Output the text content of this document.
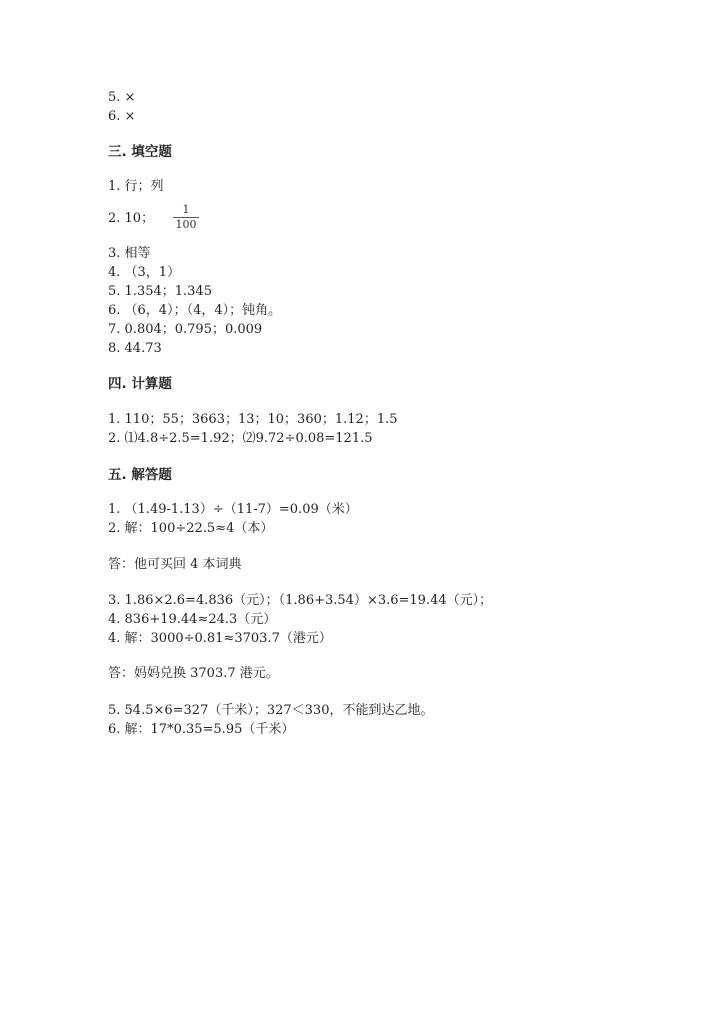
5. ×
6. ×
三. 填空题
1. 行；列
2. 10；
1
100
3. 相等
4. （3，1）
5. 1.354；1.345
6. （6，4）；（4，4）；钝角。
7. 0.804；0.795；0.009
8. 44.73
四. 计算题
1. 110；55；3663；13；10；360；1.12；1.5
2. ⑴4.8÷2.5=1.92；⑵9.72÷0.08=121.5
五. 解答题
1. （1.49-1.13）÷（11-7）=0.09（米）
2. 解：100÷22.5≈4（本）
答：他可买回 4 本词典
3. 1.86×2.6=4.836（元）；（1.86+3.54）×3.6=19.44（元）；
4. 836+19.44≈24.3（元）
4. 解：3000÷0.81≈3703.7（港元）
答：妈妈兑换 3703.7 港元。
5. 54.5×6=327（千米）；327＜330，不能到达乙地。
6. 解：17*0.35=5.95（千米）
